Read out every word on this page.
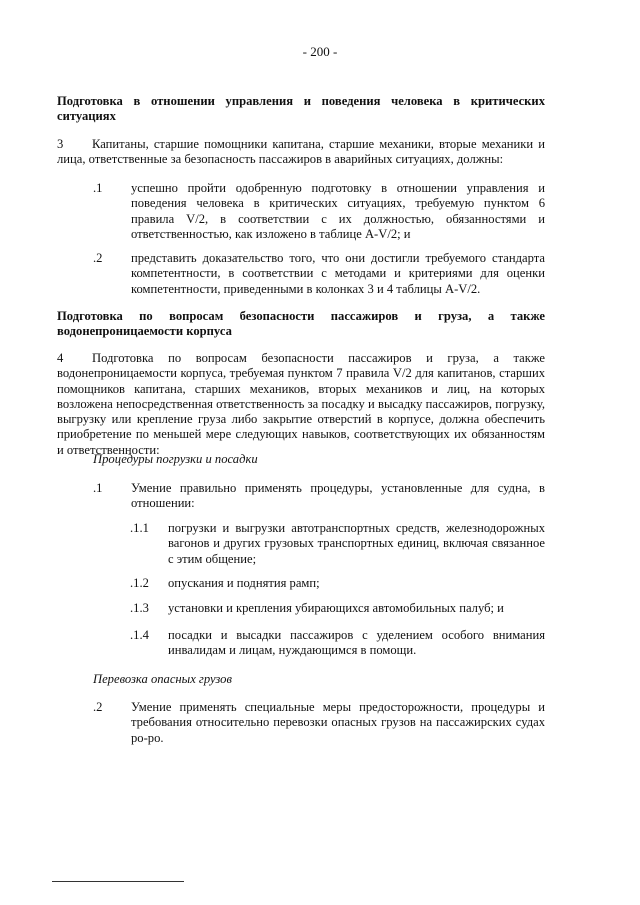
- 200 -
Подготовка в отношении управления и поведения человека в критических
ситуациях
3	Капитаны, старшие помощники капитана, старшие механики, вторые механики и лица, ответственные за безопасность пассажиров в аварийных ситуациях, должны:
.1 успешно пройти одобренную подготовку в отношении управления и поведения человека в критических ситуациях, требуемую пунктом 6 правила V/2, в соответствии с их должностью, обязанностями и ответственностью, как изложено в таблице A-V/2; и
.2 представить доказательство того, что они достигли требуемого стандарта компетентности, в соответствии с методами и критериями для оценки компетентности, приведенными в колонках 3 и 4 таблицы A-V/2.
Подготовка по вопросам безопасности пассажиров и груза, а также
водонепроницаемости корпуса
4	Подготовка по вопросам безопасности пассажиров и груза, а также водонепроницаемости корпуса, требуемая пунктом 7 правила V/2 для капитанов, старших помощников капитана, старших механиков, вторых механиков и лиц, на которых возложена непосредственная ответственность за посадку и высадку пассажиров, погрузку, выгрузку или крепление груза либо закрытие отверстий в корпусе, должна обеспечить приобретение по меньшей мере следующих навыков, соответствующих их обязанностям и ответственности:
Процедуры погрузки и посадки
.1 Умение правильно применять процедуры, установленные для судна, в отношении:
.1.1 погрузки и выгрузки автотранспортных средств, железнодорожных вагонов и других грузовых транспортных единиц, включая связанное с этим общение;
.1.2 опускания и поднятия рамп;
.1.3 установки и крепления убирающихся автомобильных палуб; и
.1.4 посадки и высадки пассажиров с уделением особого внимания инвалидам и лицам, нуждающимся в помощи.
Перевозка опасных грузов
.2 Умение применять специальные меры предосторожности, процедуры и требования относительно перевозки опасных грузов на пассажирских судах ро-ро.
